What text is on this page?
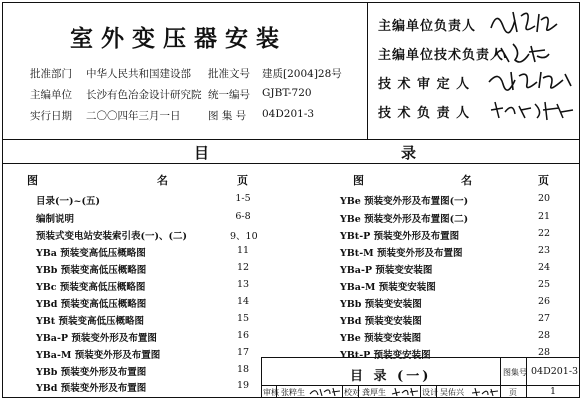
室外变压器安装
批准部门 中华人民共和国建设部
主编单位 长沙有色冶金设计研究院
实行日期 二〇〇四年三月一日
批准文号 建质[2004]28号
统一编号 GJBT-720
图 集 号 04D201-3
主编单位负责人
主编单位技术负责人
技 术 审 定 人
技 术 负 责 人
目	录
图	名	页	图	名	页
目录(一)~(五)	1-5
编制说明	6-8
预装式变电站安装索引表(一)、(二)	9、10
YBa 预装变高低压概略图	11
YBb 预装变高低压概略图	12
YBc 预装变高低压概略图	13
YBd 预装变高低压概略图	14
YBt 预装变高低压概略图	15
YBa-P 预装变外形及布置图	16
YBa-M 预装变外形及布置图	17
YBb 预装变外形及布置图	18
YBd 预装变外形及布置图	19
YBe 预装变外形及布置图(一)	20
YBe 预装变外形及布置图(二)	21
YBt-P 预装变外形及布置图	22
YBt-M 预装变外形及布置图	23
YBa-P 预装变安装图	24
YBa-M 预装变安装图	25
YBb 预装变安装图	26
YBd 预装变安装图	27
YBe 预装变安装图	28
YBt-P 预装变安装图	28
目 录 (一)	图集号 04D201-3
审核 张粹生	校对 龚厚生	设计 吴佑兴	页	1
